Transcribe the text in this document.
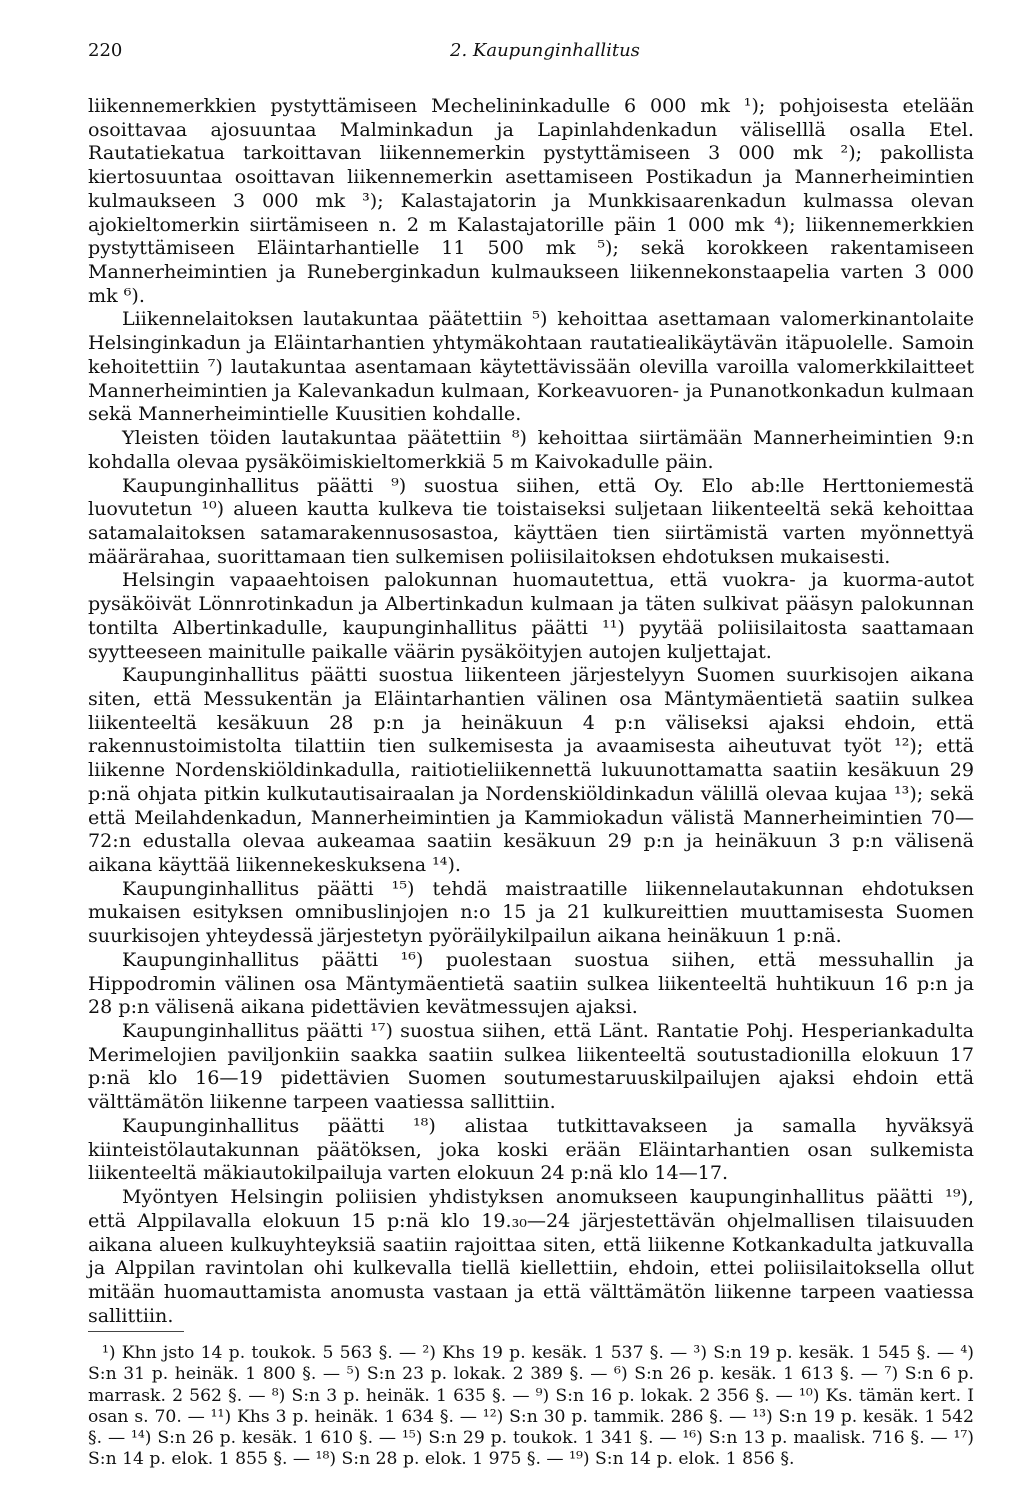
220	2. Kaupunginhallitus

liikennemerkkien pystyttämiseen Mechelininkadulle 6 000 mk ¹); pohjoisesta etelään osoittavaa ajosuuntaa Malminkadun ja Lapinlahdenkadun väliselllä osalla Etel. Rautatiekatua tarkoittavan liikennemerkin pystyttämiseen 3 000 mk ²); pakollista kiertosuuntaa osoittavan liikennemerkin asettamiseen Postikadun ja Mannerheimintien kulmaukseen 3 000 mk ³); Kalastajatorin ja Munkkisaarenkadun kulmassa olevan ajokieltomerkin siirtämiseen n. 2 m Kalastajatorille päin 1 000 mk ⁴); liikennemerkkien pystyttämiseen Eläintarhantielle 11 500 mk ⁵); sekä korokkeen rakentamiseen Mannerheimintien ja Runeberginkadun kulmaukseen liikennekonstaapelia varten 3 000 mk ⁶).

Liikennelaitoksen lautakuntaa päätettiin ⁵) kehoittaa asettamaan valomerkinantolaite Helsinginkadun ja Eläintarhantien yhtymäkohtaan rautatiealikäytävän itäpuolelle. Samoin kehoitettiin ⁷) lautakuntaa asentamaan käytettävissään olevilla varoilla valomerkkilaitteet Mannerheimintien ja Kalevankadun kulmaan, Korkeavuoren- ja Punanotkonkadun kulmaan sekä Mannerheimintielle Kuusitien kohdalle.

Yleisten töiden lautakuntaa päätettiin ⁸) kehoittaa siirtämään Mannerheimintien 9:n kohdalla olevaa pysäköimiskieltomerkkiä 5 m Kaivokadulle päin.

Kaupunginhallitus päätti ⁹) suostua siihen, että Oy. Elo ab:lle Herttoniemestä luovutetun ¹⁰) alueen kautta kulkeva tie toistaiseksi suljetaan liikenteeltä sekä kehoittaa satamalaitoksen satamarakennusosastoa, käyttäen tien siirtämistä varten myönnettyä määrärahaa, suorittamaan tien sulkemisen poliisilaitoksen ehdotuksen mukaisesti.

Helsingin vapaaehtoisen palokunnan huomautettua, että vuokra- ja kuorma-autot pysäköivät Lönnrotinkadun ja Albertinkadun kulmaan ja täten sulkivat pääsyn palokunnan tontilta Albertinkadulle, kaupunginhallitus päätti ¹¹) pyytää poliisilaitosta saattamaan syytteeseen mainitulle paikalle väärin pysäköityjen autojen kuljettajat.

Kaupunginhallitus päätti suostua liikenteen järjestelyyn Suomen suurkisojen aikana siten, että Messukentän ja Eläintarhantien välinen osa Mäntymäentietä saatiin sulkea liikenteeltä kesäkuun 28 p:n ja heinäkuun 4 p:n väliseksi ajaksi ehdoin, että rakennustoimistolta tilattiin tien sulkemisesta ja avaamisesta aiheutuvat työt ¹²); että liikenne Nordenskiöldinkadulla, raitiotieliikennettä lukuunottamatta saatiin kesäkuun 29 p:nä ohjata pitkin kulkutautisairaalan ja Nordenskiöldinkadun välillä olevaa kujaa ¹³); sekä että Meilahdenkadun, Mannerheimintien ja Kammiokadun välistä Mannerheimintien 70—72:n edustalla olevaa aukeamaa saatiin kesäkuun 29 p:n ja heinäkuun 3 p:n välisenä aikana käyttää liikennekeskuksena ¹⁴).

Kaupunginhallitus päätti ¹⁵) tehdä maistraatille liikennelautakunnan ehdotuksen mukaisen esityksen omnibuslinjojen n:o 15 ja 21 kulkureittien muuttamisesta Suomen suurkisojen yhteydessä järjestetyn pyöräilykilpailun aikana heinäkuun 1 p:nä.

Kaupunginhallitus päätti ¹⁶) puolestaan suostua siihen, että messuhallin ja Hippodromin välinen osa Mäntymäentietä saatiin sulkea liikenteeltä huhtikuun 16 p:n ja 28 p:n välisenä aikana pidettävien kevätmessujen ajaksi.

Kaupunginhallitus päätti ¹⁷) suostua siihen, että Länt. Rantatie Pohj. Hesperiankadulta Merimelojien paviljonkiin saakka saatiin sulkea liikenteeltä soutustadionilla elokuun 17 p:nä klo 16—19 pidettävien Suomen soutumestaruuskilpailujen ajaksi ehdoin että välttämätön liikenne tarpeen vaatiessa sallittiin.

Kaupunginhallitus päätti ¹⁸) alistaa tutkittavakseen ja samalla hyväksyä kiinteistölautakunnan päätöksen, joka koski erään Eläintarhantien osan sulkemista liikenteeltä mäkiautokilpailuja varten elokuun 24 p:nä klo 14—17.

Myöntyen Helsingin poliisien yhdistyksen anomukseen kaupunginhallitus päätti ¹⁹), että Alppilavalla elokuun 15 p:nä klo 19.₃₀—24 järjestettävän ohjelmallisen tilaisuuden aikana alueen kulkuyhteyksiä saatiin rajoittaa siten, että liikenne Kotkankadulta jatkuvalla ja Alppilan ravintolan ohi kulkevalla tiellä kiellettiin, ehdoin, ettei poliisilaitoksella ollut mitään huomauttamista anomusta vastaan ja että välttämätön liikenne tarpeen vaatiessa sallittiin.

¹) Khn jsto 14 p. toukok. 5 563 §. — ²) Khs 19 p. kesäk. 1 537 §. — ³) S:n 19 p. kesäk. 1 545 §. — ⁴) S:n 31 p. heinäk. 1 800 §. — ⁵) S:n 23 p. lokak. 2 389 §. — ⁶) S:n 26 p. kesäk. 1 613 §. — ⁷) S:n 6 p. marrask. 2 562 §. — ⁸) S:n 3 p. heinäk. 1 635 §. — ⁹) S:n 16 p. lokak. 2 356 §. — ¹⁰) Ks. tämän kert. I osan s. 70. — ¹¹) Khs 3 p. heinäk. 1 634 §. — ¹²) S:n 30 p. tammik. 286 §. — ¹³) S:n 19 p. kesäk. 1 542 §. — ¹⁴) S:n 26 p. kesäk. 1 610 §. — ¹⁵) S:n 29 p. toukok. 1 341 §. — ¹⁶) S:n 13 p. maalisk. 716 §. — ¹⁷) S:n 14 p. elok. 1 855 §. — ¹⁸) S:n 28 p. elok. 1 975 §. — ¹⁹) S:n 14 p. elok. 1 856 §.
